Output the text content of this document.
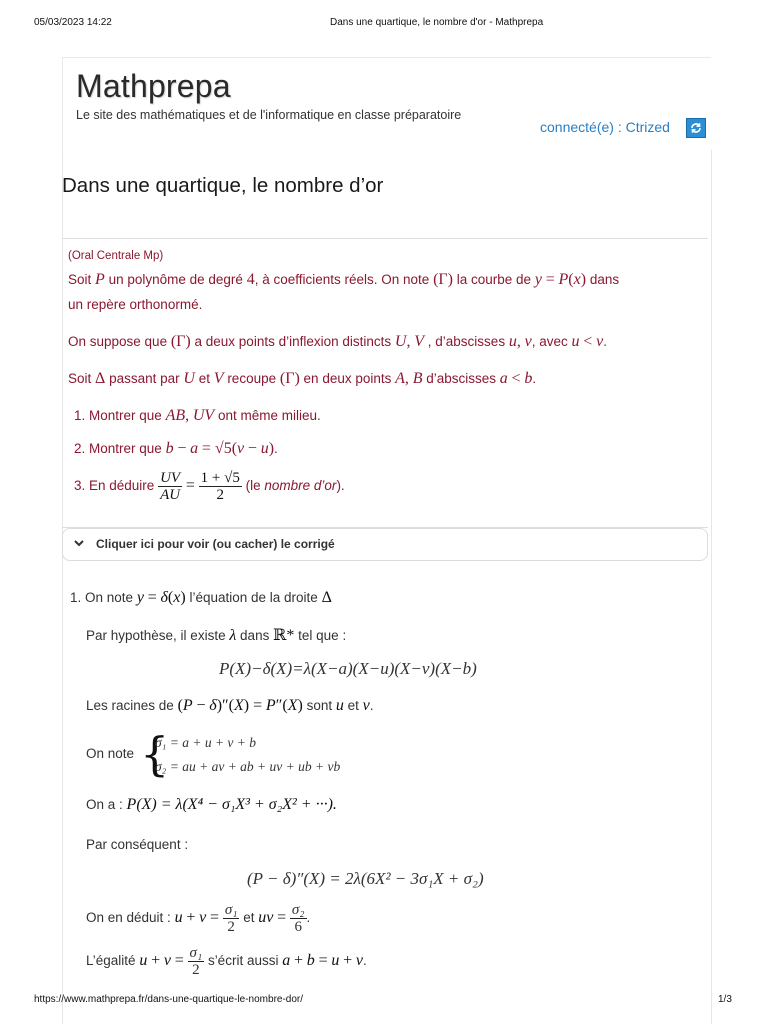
05/03/2023 14:22	Dans une quartique, le nombre d'or - Mathprepa
Mathprepa
Le site des mathématiques et de l'informatique en classe préparatoire
connecté(e) : Ctrized
Dans une quartique, le nombre d’or
(Oral Centrale Mp)
Soit P un polynôme de degré 4, à coefficients réels. On note (Γ) la courbe de y = P(x) dans
un repère orthonormé.
On suppose que (Γ) a deux points d’inflexion distincts U, V , d’abscisses u, v, avec u < v.
Soit Δ passant par U et V recoupe (Γ) en deux points A, B d’abscisses a < b.
1. Montrer que AB, UV ont même milieu.
2. Montrer que b − a = √5(v − u).
3. En déduire $\frac{UV}{AU} = \frac{1 + √5}{2} (le$ nombre d’or).
Cliquer ici pour voir (ou cacher) le corrigé
1. On note y = δ(x) l’équation de la droite Δ
Par hypothèse, il existe λ dans ℝ* tel que :
P(X)−δ(X)=λ(X−a)(X−u)(X−v)(X−b)
Les racines de (P − δ)″(X) = P″(X) sont u et v.
On note {
σ₁ = a + u + v + b
σ₂ = au + av + ab + uv + ub + vb
On a : P(X) = λ(X⁴ − σ₁X³ + σ₂X² + ···).
Par conséquent :
(P − δ)″(X) = 2λ(6X² − 3σ₁X + σ₂)
On en déduit : $u + v = \frac{\text{σ₁}}{2}$ et uv = $\frac{\text{σ₂}}{6}$ .
L’égalité $u + v = \frac{\text{σ₁}}{2}$ s’écrit aussi a + b = u + v.
https://www.mathprepa.fr/dans-une-quartique-le-nombre-dor/	1/3
